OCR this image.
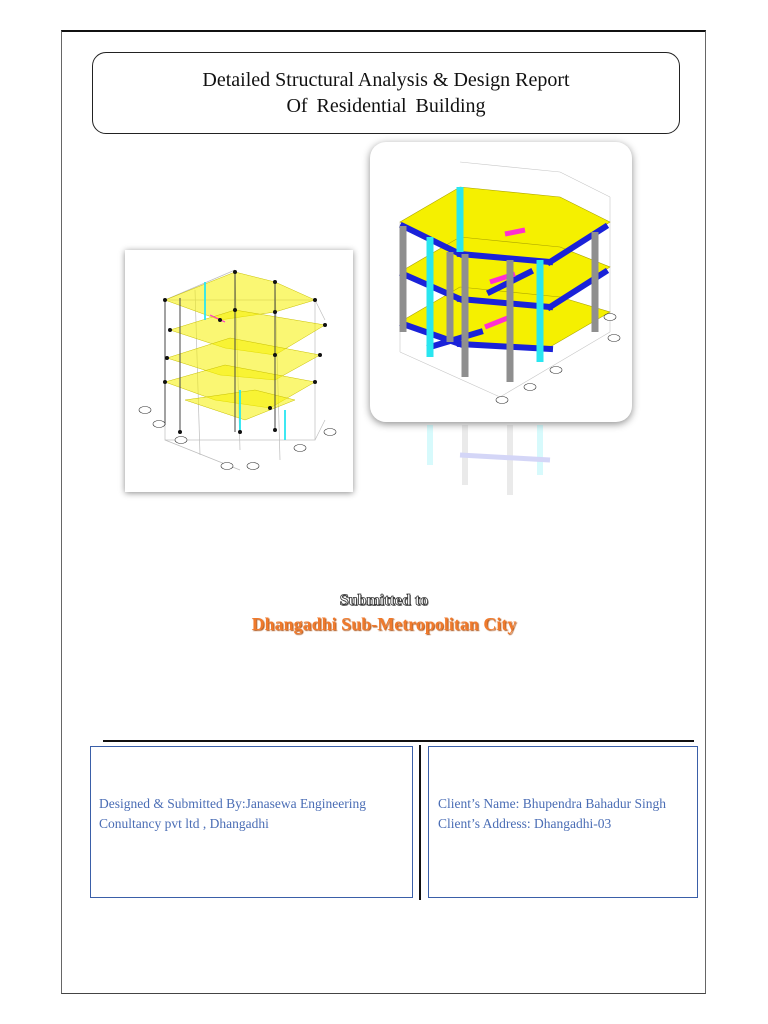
Detailed Structural Analysis & Design Report
Of Residential Building
Submitted to
Dhangadhi Sub-Metropolitan City
Designed & Submitted By:Janasewa Engineering
Conultancy pvt ltd , Dhangadhi
Client’s Name: Bhupendra Bahadur Singh
Client’s Address: Dhangadhi-03
